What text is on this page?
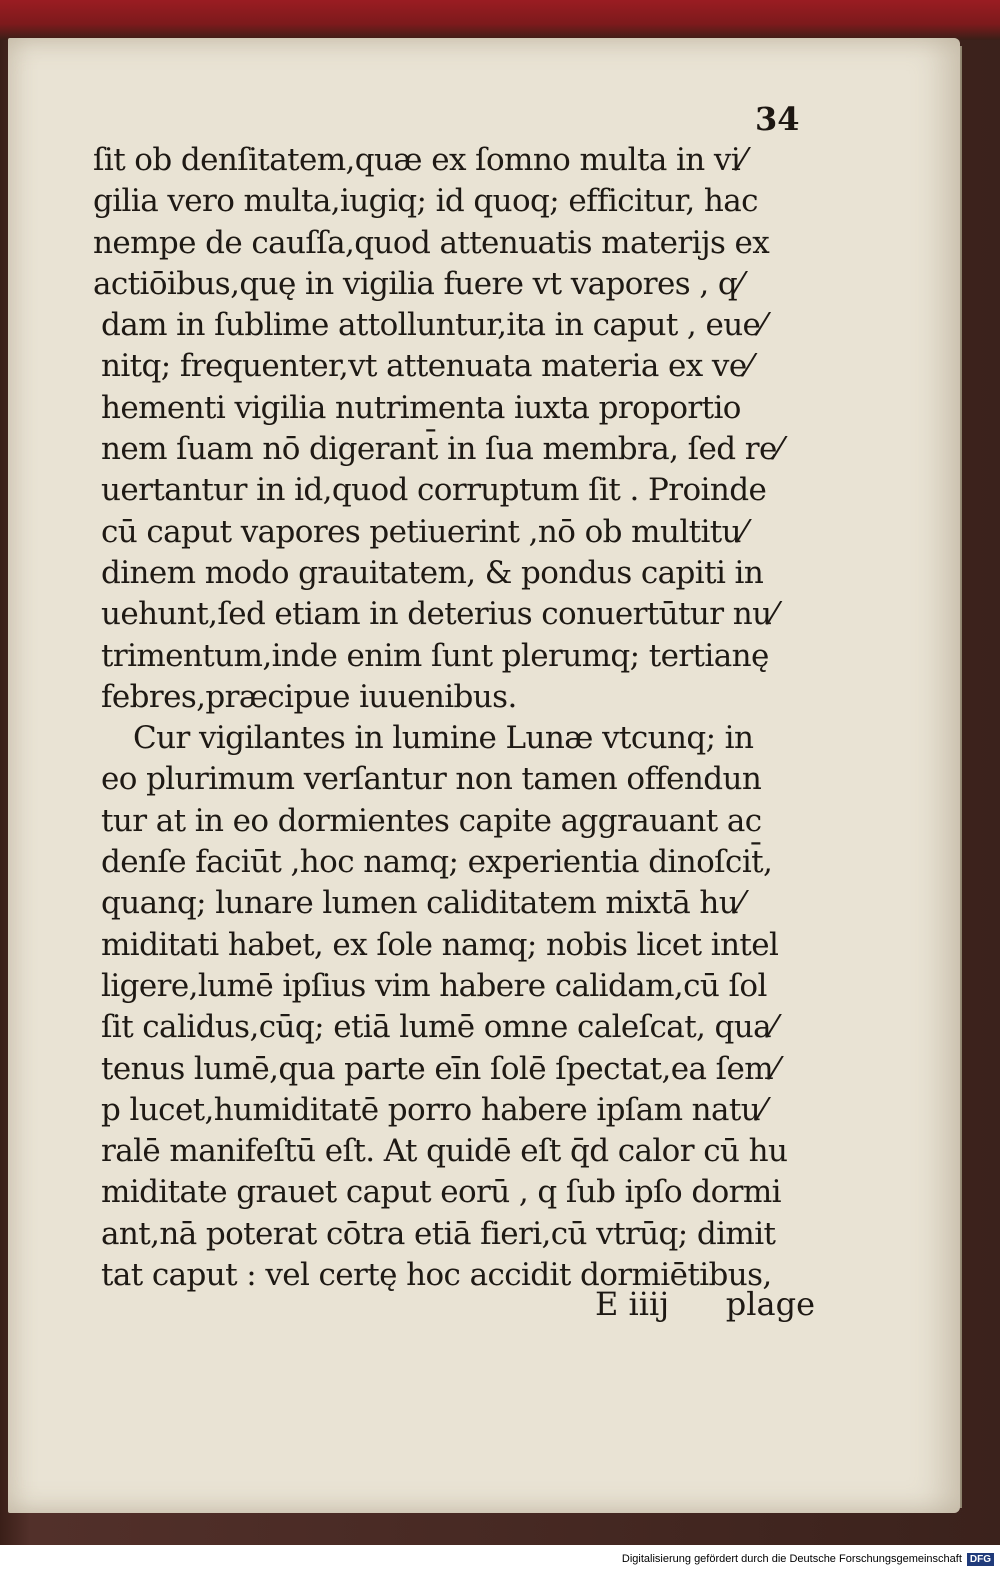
34
ſit ob denſitatem,quæ ex ſomno multa in vi⁄
gilia vero multa,iugiq; id quoq; efficitur, hac
nempe de cauſſa,quod attenuatis materijs ex
actiōibus,quę in vigilia fuere vt vapores , q⁄
dam in ſublime attolluntur,ita in caput , eue⁄
nitq; frequenter,vt attenuata materia ex ve⁄
hementi vigilia nutrimenta iuxta proportio
nem ſuam nō digerant̄ in ſua membra, ſed re⁄
uertantur in id,quod corruptum ſit . Proinde
cū caput vapores petiuerint ,nō ob multitu⁄
dinem modo grauitatem, & pondus capiti in
uehunt,ſed etiam in deterius conuertūtur nu⁄
trimentum,inde enim ſunt plerumq; tertianę
febres,præcipue iuuenibus.
Cur vigilantes in lumine Lunæ vtcunq; in
eo plurimum verſantur non tamen offendun
tur at in eo dormientes capite aggrauant ac
denſe faciūt ,hoc namq; experientia dinoſcit̄,
quanq; lunare lumen caliditatem mixtā hu⁄
miditati habet, ex ſole namq; nobis licet intel
ligere,lumē ipſius vim habere calidam,cū ſol
ſit calidus,cūq; etiā lumē omne caleſcat, qua⁄
tenus lumē,qua parte eīn ſolē ſpectat,ea ſem⁄
p lucet,humiditatē porro habere ipſam natu⁄
ralē manifeſtū eſt. At quidē eſt q̄d calor cū hu
miditate grauet caput eorū , q ſub ipſo dormi
ant,nā poterat cōtra etiā fieri,cū vtrūq; dimit
tat caput : vel certę hoc accidit dormiētibus,
E iiij plage
Digitalisierung gefördert durch die Deutsche Forschungsgemeinschaft DFG
